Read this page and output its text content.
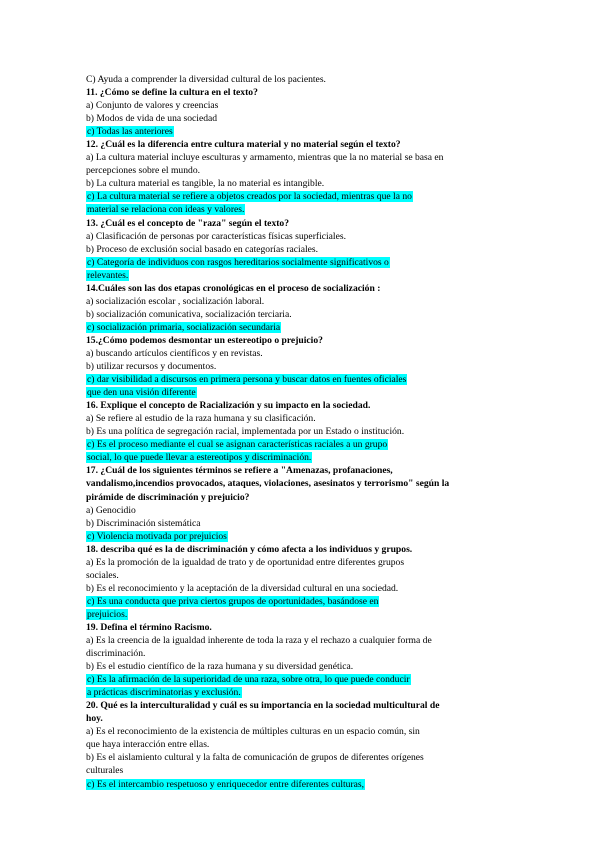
C) Ayuda a comprender la diversidad cultural de los pacientes.
11. ¿Cómo se define la cultura en el texto?
a) Conjunto de valores y creencias
b) Modos de vida de una sociedad
c) Todas las anteriores
12. ¿Cuál es la diferencia entre cultura material y no material según el texto?
a) La cultura material incluye esculturas y armamento, mientras que la no material se basa en
percepciones sobre el mundo.
b) La cultura material es tangible, la no material es intangible.
c) La cultura material se refiere a objetos creados por la sociedad, mientras que la no
material se relaciona con ideas y valores.
13. ¿Cuál es el concepto de "raza" según el texto?
a) Clasificación de personas por características físicas superficiales.
b) Proceso de exclusión social basado en categorías raciales.
c) Categoría de individuos con rasgos hereditarios socialmente significativos o
relevantes.
14.Cuáles son las dos etapas cronológicas en el proceso de socialización :
a) socialización escolar , socialización laboral.
b) socialización comunicativa, socialización terciaria.
c) socialización primaria, socialización secundaria
15.¿Cómo podemos desmontar un estereotipo o prejuicio?
a) buscando artículos científicos y en revistas.
b) utilizar recursos y documentos.
c) dar visibilidad a discursos en primera persona y buscar datos en fuentes oficiales
que den una visión diferente
16. Explique el concepto de Racialización y su impacto en la sociedad.
a) Se refiere al estudio de la raza humana y su clasificación.
b) Es una política de segregación racial, implementada por un Estado o institución.
c) Es el proceso mediante el cual se asignan características raciales a un grupo
social, lo que puede llevar a estereotipos y discriminación.
17. ¿Cuál de los siguientes términos se refiere a "Amenazas, profanaciones,
vandalismo,incendios provocados, ataques, violaciones, asesinatos y terrorismo" según la
pirámide de discriminación y prejuicio?
a) Genocidio
b) Discriminación sistemática
c) Violencia motivada por prejuicios
18. describa qué es la de discriminación y cómo afecta a los individuos y grupos.
a) Es la promoción de la igualdad de trato y de oportunidad entre diferentes grupos
sociales.
b) Es el reconocimiento y la aceptación de la diversidad cultural en una sociedad.
c) Es una conducta que priva ciertos grupos de oportunidades, basándose en
prejuicios.
19. Defina el término Racismo.
a) Es la creencia de la igualdad inherente de toda la raza y el rechazo a cualquier forma de
discriminación.
b) Es el estudio científico de la raza humana y su diversidad genética.
c) Es la afirmación de la superioridad de una raza, sobre otra, lo que puede conducir
a prácticas discriminatorias y exclusión.
20. Qué es la interculturalidad y cuál es su importancia en la sociedad multicultural de
hoy.
a) Es el reconocimiento de la existencia de múltiples culturas en un espacio común, sin
que haya interacción entre ellas.
b) Es el aislamiento cultural y la falta de comunicación de grupos de diferentes orígenes
culturales
c) Es el intercambio respetuoso y enriquecedor entre diferentes culturas,
